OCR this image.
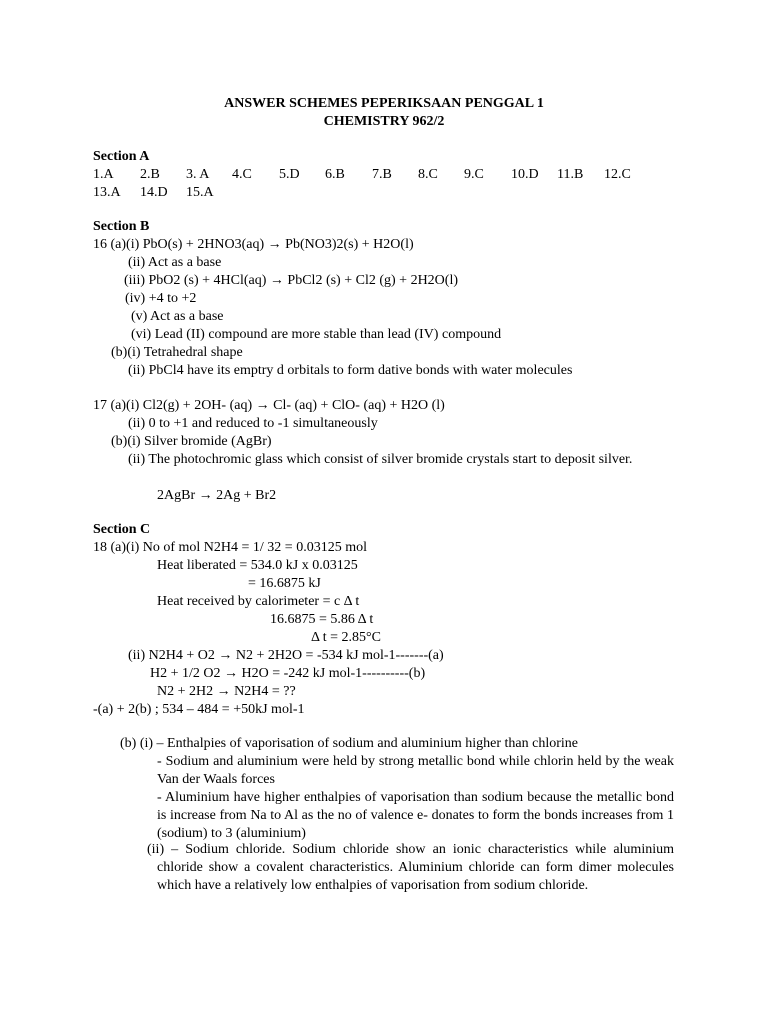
ANSWER SCHEMES PEPERIKSAAN PENGGAL 1
CHEMISTRY 962/2
Section A
1.A 2.B 3. A 4.C 5.D 6.B 7.B 8.C 9.C 10.D 11.B 12.C
13.A 14.D 15.A
Section B
16 (a)(i) PbO(s) + 2HNO3(aq) → Pb(NO3)2(s) + H2O(l)
(ii) Act as a base
(iii) PbO2 (s) + 4HCl(aq) → PbCl2 (s) + Cl2 (g) + 2H2O(l)
(iv) +4 to +2
(v) Act as a base
(vi) Lead (II) compound are more stable than lead (IV) compound
(b)(i) Tetrahedral shape
(ii) PbCl4 have its emptry d orbitals to form dative bonds with water molecules
17 (a)(i) Cl2(g) + 2OH- (aq) → Cl- (aq) + ClO- (aq) + H2O (l)
(ii) 0 to +1 and reduced to -1 simultaneously
(b)(i) Silver bromide (AgBr)
(ii) The photochromic glass which consist of silver bromide crystals start to deposit silver.
2AgBr → 2Ag + Br2
Section C
18 (a)(i) No of mol N2H4 = 1/ 32 = 0.03125 mol
Heat liberated = 534.0 kJ x 0.03125
= 16.6875 kJ
Heat received by calorimeter = c Δ t
16.6875 = 5.86 Δ t
Δ t = 2.85°C
(ii) N2H4 + O2 → N2 + 2H2O = -534 kJ mol-1-------(a)
H2 + 1/2 O2 → H2O = -242 kJ mol-1----------(b)
N2 + 2H2 → N2H4 = ??
-(a) + 2(b) ; 534 – 484 = +50kJ mol-1
(b) (i) – Enthalpies of vaporisation of sodium and aluminium higher than chlorine
- Sodium and aluminium were held by strong metallic bond while chlorin held by the weak Van der Waals forces
- Aluminium have higher enthalpies of vaporisation than sodium because the metallic bond is increase from Na to Al as the no of valence e- donates to form the bonds increases from 1 (sodium) to 3 (aluminium)
(ii) – Sodium chloride. Sodium chloride show an ionic characteristics while aluminium chloride show a covalent characteristics. Aluminium chloride can form dimer molecules which have a relatively low enthalpies of vaporisation from sodium chloride.
